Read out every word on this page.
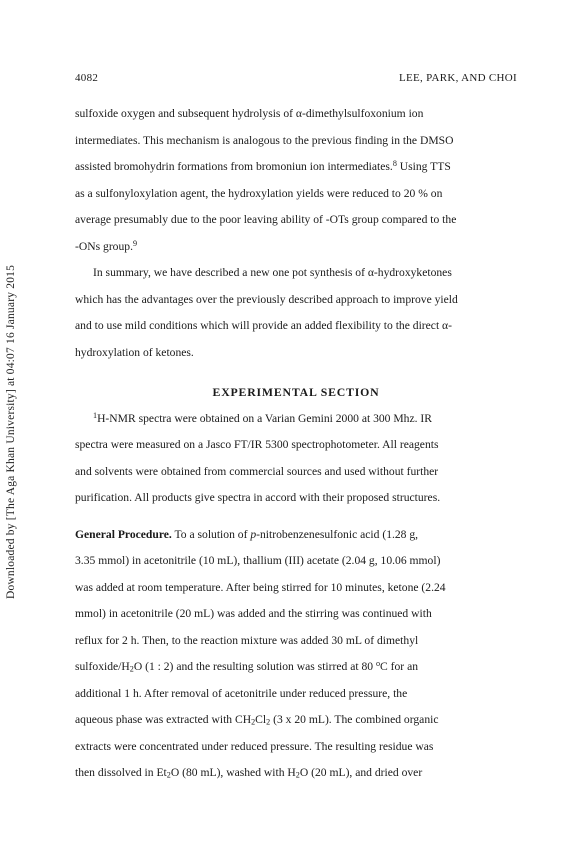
Downloaded by [The Aga Khan University] at 04:07 16 January 2015
4082	LEE, PARK, AND CHOI
sulfoxide oxygen and subsequent hydrolysis of α-dimethylsulfoxonium ion
intermediates. This mechanism is analogous to the previous finding in the DMSO
assisted bromohydrin formations from bromoniun ion intermediates.$^8$ Using TTS
as a sulfonyloxylation agent, the hydroxylation yields were reduced to 20 % on
average presumably due to the poor leaving ability of -OTs group compared to the
-ONs group.$^9$
In summary, we have described a new one pot synthesis of α-hydroxyketones
which has the advantages over the previously described approach to improve yield
and to use mild conditions which will provide an added flexibility to the direct α-
hydroxylation of ketones.
EXPERIMENTAL SECTION
$^1$H-NMR spectra were obtained on a Varian Gemini 2000 at 300 Mhz. IR
spectra were measured on a Jasco FT/IR 5300 spectrophotometer. All reagents
and solvents were obtained from commercial sources and used without further
purification. All products give spectra in accord with their proposed structures.
General Procedure. To a solution of p-nitrobenzenesulfonic acid (1.28 g,
3.35 mmol) in acetonitrile (10 mL), thallium (III) acetate (2.04 g, 10.06 mmol)
was added at room temperature. After being stirred for 10 minutes, ketone (2.24
mmol) in acetonitrile (20 mL) was added and the stirring was continued with
reflux for 2 h. Then, to the reaction mixture was added 30 mL of dimethyl
sulfoxide/$H_2O$ (1 : 2) and the resulting solution was stirred at 80 $^o$C for an
additional 1 h. After removal of acetonitrile under reduced pressure, the
aqueous phase was extracted with $CH_2Cl_2$ (3 x 20 mL). The combined organic
extracts were concentrated under reduced pressure. The resulting residue was
then dissolved in $Et_2O$ (80 mL), washed with $H_2O$ (20 mL), and dried over
